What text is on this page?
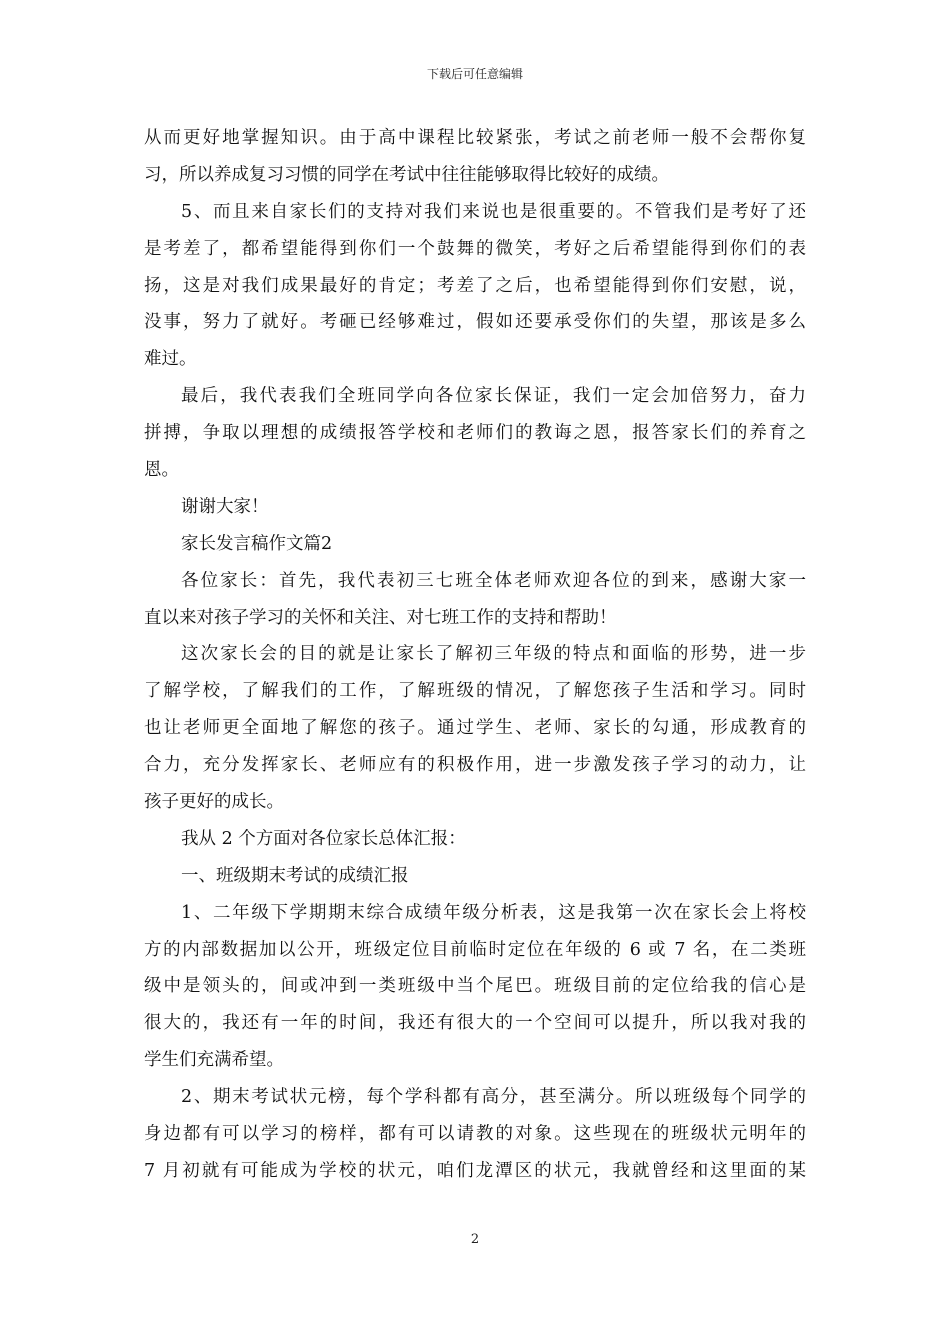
下载后可任意编辑
从而更好地掌握知识。由于高中课程比较紧张，考试之前老师一般不会帮你复
习，所以养成复习习惯的同学在考试中往往能够取得比较好的成绩。
5、而且来自家长们的支持对我们来说也是很重要的。不管我们是考好了还
是考差了，都希望能得到你们一个鼓舞的微笑，考好之后希望能得到你们的表
扬，这是对我们成果最好的肯定；考差了之后，也希望能得到你们安慰，说，
没事，努力了就好。考砸已经够难过，假如还要承受你们的失望，那该是多么
难过。
最后，我代表我们全班同学向各位家长保证，我们一定会加倍努力，奋力
拼搏，争取以理想的成绩报答学校和老师们的教诲之恩，报答家长们的养育之
恩。
谢谢大家！
家长发言稿作文篇2
各位家长：首先，我代表初三七班全体老师欢迎各位的到来，感谢大家一
直以来对孩子学习的关怀和关注、对七班工作的支持和帮助！
这次家长会的目的就是让家长了解初三年级的特点和面临的形势，进一步
了解学校，了解我们的工作，了解班级的情况，了解您孩子生活和学习。同时
也让老师更全面地了解您的孩子。通过学生、老师、家长的勾通，形成教育的
合力，充分发挥家长、老师应有的积极作用，进一步激发孩子学习的动力，让
孩子更好的成长。
我从 2 个方面对各位家长总体汇报：
一、班级期末考试的成绩汇报
1、二年级下学期期末综合成绩年级分析表，这是我第一次在家长会上将校
方的内部数据加以公开，班级定位目前临时定位在年级的 6 或 7 名，在二类班
级中是领头的，间或冲到一类班级中当个尾巴。班级目前的定位给我的信心是
很大的，我还有一年的时间，我还有很大的一个空间可以提升，所以我对我的
学生们充满希望。
2、期末考试状元榜，每个学科都有高分，甚至满分。所以班级每个同学的
身边都有可以学习的榜样，都有可以请教的对象。这些现在的班级状元明年的
7 月初就有可能成为学校的状元，咱们龙潭区的状元，我就曾经和这里面的某
2
